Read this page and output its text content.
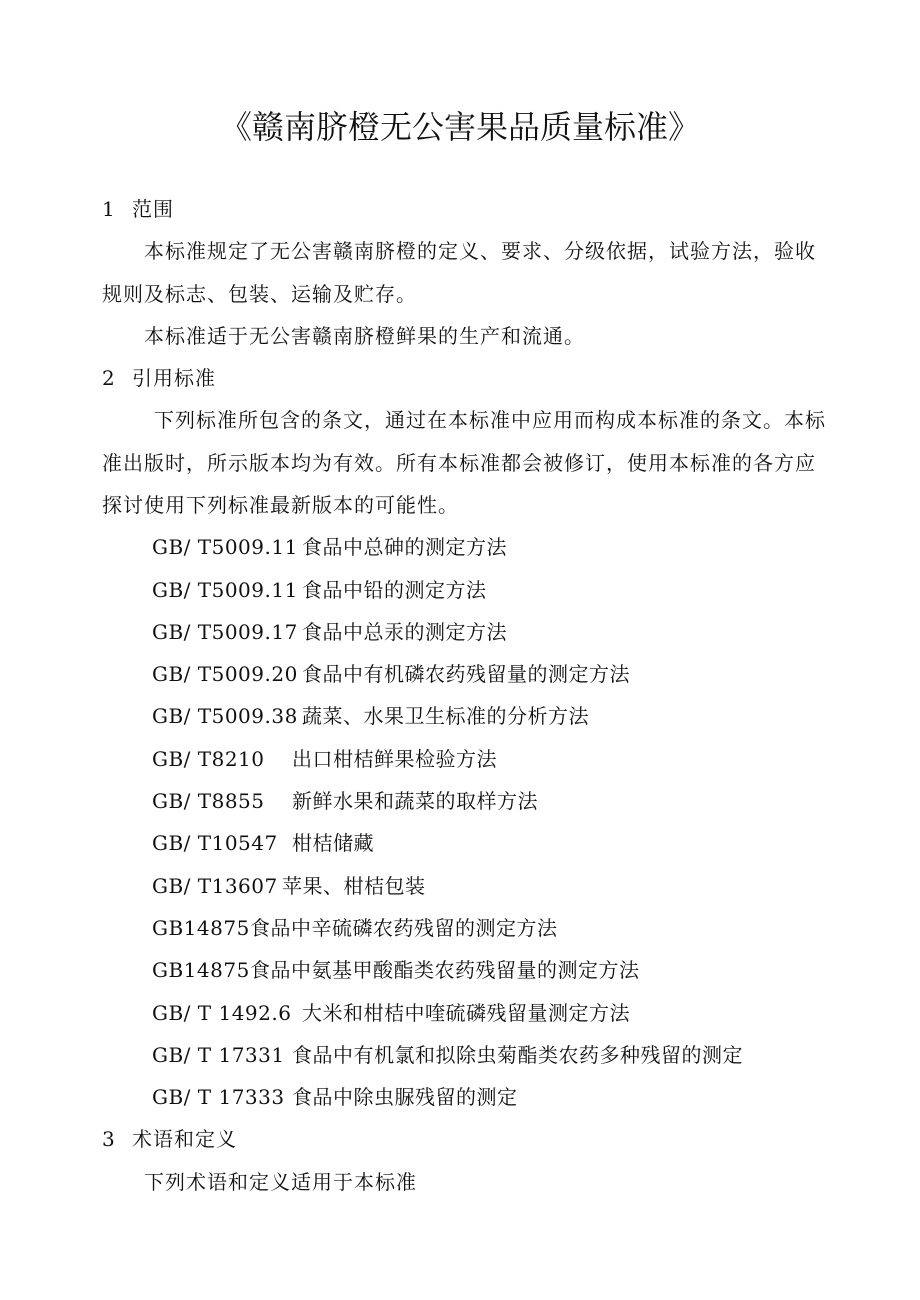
《赣南脐橙无公害果品质量标准》
1 范围
本标准规定了无公害赣南脐橙的定义、要求、分级依据，试验方法，验收
规则及标志、包装、运输及贮存。
本标准适于无公害赣南脐橙鲜果的生产和流通。
2 引用标准
下列标准所包含的条文，通过在本标准中应用而构成本标准的条文。本标
准出版时，所示版本均为有效。所有本标准都会被修订，使用本标准的各方应
探讨使用下列标准最新版本的可能性。
GB/ T5009.11 食品中总砷的测定方法
GB/ T5009.11 食品中铅的测定方法
GB/ T5009.17 食品中总汞的测定方法
GB/ T5009.20 食品中有机磷农药残留量的测定方法
GB/ T5009.38 蔬菜、水果卫生标准的分析方法
GB/ T8210 出口柑桔鲜果检验方法
GB/ T8855 新鲜水果和蔬菜的取样方法
GB/ T10547 柑桔储藏
GB/ T13607 苹果、柑桔包装
GB14875食品中辛硫磷农药残留的测定方法
GB14875食品中氨基甲酸酯类农药残留量的测定方法
GB/ T 1492.6 大米和柑桔中喹硫磷残留量测定方法
GB/ T 17331 食品中有机氯和拟除虫菊酯类农药多种残留的测定
GB/ T 17333 食品中除虫脲残留的测定
3 术语和定义
下列术语和定义适用于本标准
